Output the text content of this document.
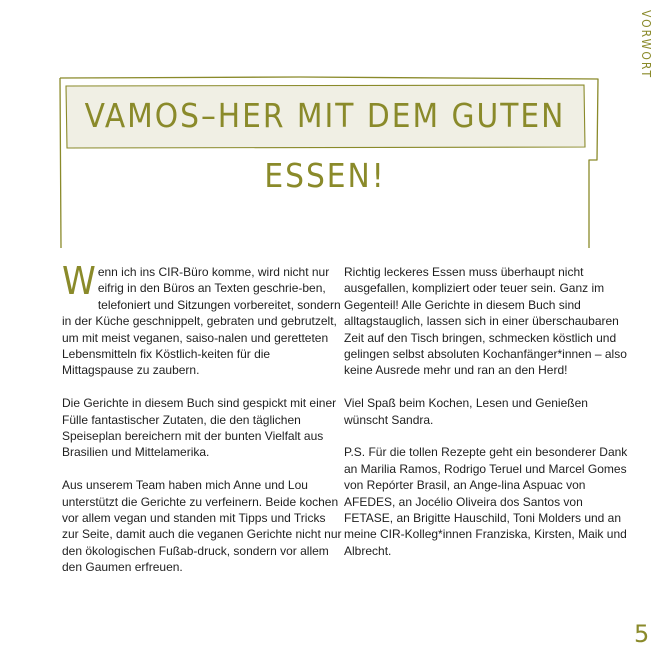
VORWORT
VAMOS–HER MIT DEM GUTEN ESSEN!

Wenn ich ins CIR-Büro komme, wird nicht nur eifrig in den Büros an Texten geschrie-ben, telefoniert und Sitzungen vorbereitet, sondern in der Küche geschnippelt, gebraten und gebrutzelt, um mit meist veganen, saiso-nalen und geretteten Lebensmitteln fix Köstlich-keiten für die Mittagspause zu zaubern.

Die Gerichte in diesem Buch sind gespickt mit einer Fülle fantastischer Zutaten, die den täglichen Speiseplan bereichern mit der bunten Vielfalt aus Brasilien und Mittelamerika.

Aus unserem Team haben mich Anne und Lou unterstützt die Gerichte zu verfeinern. Beide kochen vor allem vegan und standen mit Tipps und Tricks zur Seite, damit auch die veganen Gerichte nicht nur den ökologischen Fußab-druck, sondern vor allem den Gaumen erfreuen.

Richtig leckeres Essen muss überhaupt nicht ausgefallen, kompliziert oder teuer sein. Ganz im Gegenteil! Alle Gerichte in diesem Buch sind alltagstauglich, lassen sich in einer überschaubaren Zeit auf den Tisch bringen, schmecken köstlich und gelingen selbst absoluten Kochanfänger*innen – also keine Ausrede mehr und ran an den Herd!

Viel Spaß beim Kochen, Lesen und Genießen wünscht Sandra.

P.S. Für die tollen Rezepte geht ein besonderer Dank an Marilia Ramos, Rodrigo Teruel und Marcel Gomes von Repórter Brasil, an Ange-lina Aspuac von AFEDES, an Jocélio Oliveira dos Santos von FETASE, an Brigitte Hauschild, Toni Molders und an meine CIR-Kolleg*innen Franziska, Kirsten, Maik und Albrecht.

5
